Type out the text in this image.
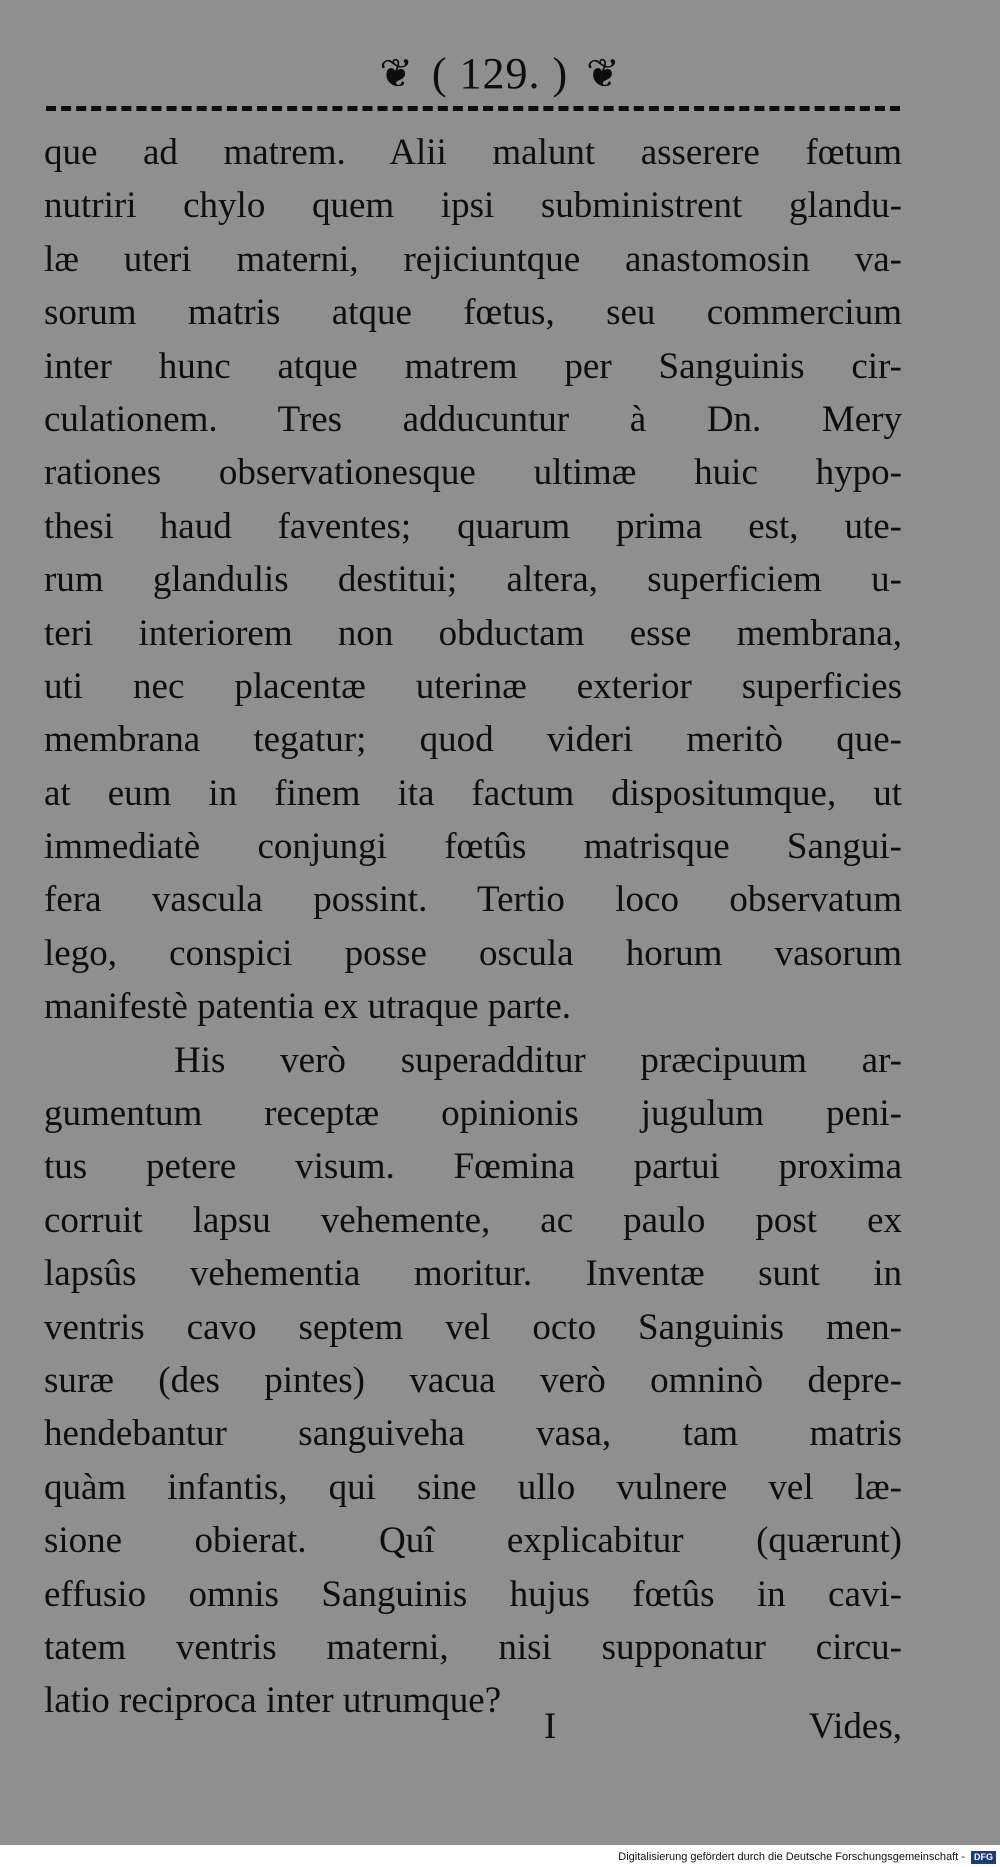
❦ ( 129. ) ❦
que ad matrem. Alii malunt asserere fœtum
nutriri chylo quem ipsi subministrent glandu-
læ uteri materni, rejiciuntque anastomosin va-
sorum matris atque fœtus, seu commercium
inter hunc atque matrem per Sanguinis cir-
culationem. Tres adducuntur à Dn. Mery
rationes observationesque ultimæ huic hypo-
thesi haud faventes; quarum prima est, ute-
rum glandulis destitui; altera, superficiem u-
teri interiorem non obductam esse membrana,
uti nec placentæ uterinæ exterior superficies
membrana tegatur; quod videri meritò que-
at eum in finem ita factum dispositumque, ut
immediatè conjungi fœtûs matrisque Sangui-
fera vascula possint. Tertio loco observatum
lego, conspici posse oscula horum vasorum
manifestè patentia ex utraque parte.
His verò superadditur præcipuum ar-
gumentum receptæ opinionis jugulum peni-
tus petere visum. Fœmina partui proxima
corruit lapsu vehemente, ac paulo post ex
lapsûs vehementia moritur. Inventæ sunt in
ventris cavo septem vel octo Sanguinis men-
suræ (des pintes) vacua verò omninò depre-
hendebantur sanguiveha vasa, tam matris
quàm infantis, qui sine ullo vulnere vel læ-
sione obierat. Quî explicabitur (quærunt)
effusio omnis Sanguinis hujus fœtûs in cavi-
tatem ventris materni, nisi supponatur circu-
latio reciproca inter utrumque?
I	Vides,
Digitalisierung gefördert durch die Deutsche Forschungsgemeinschaft - DFG
